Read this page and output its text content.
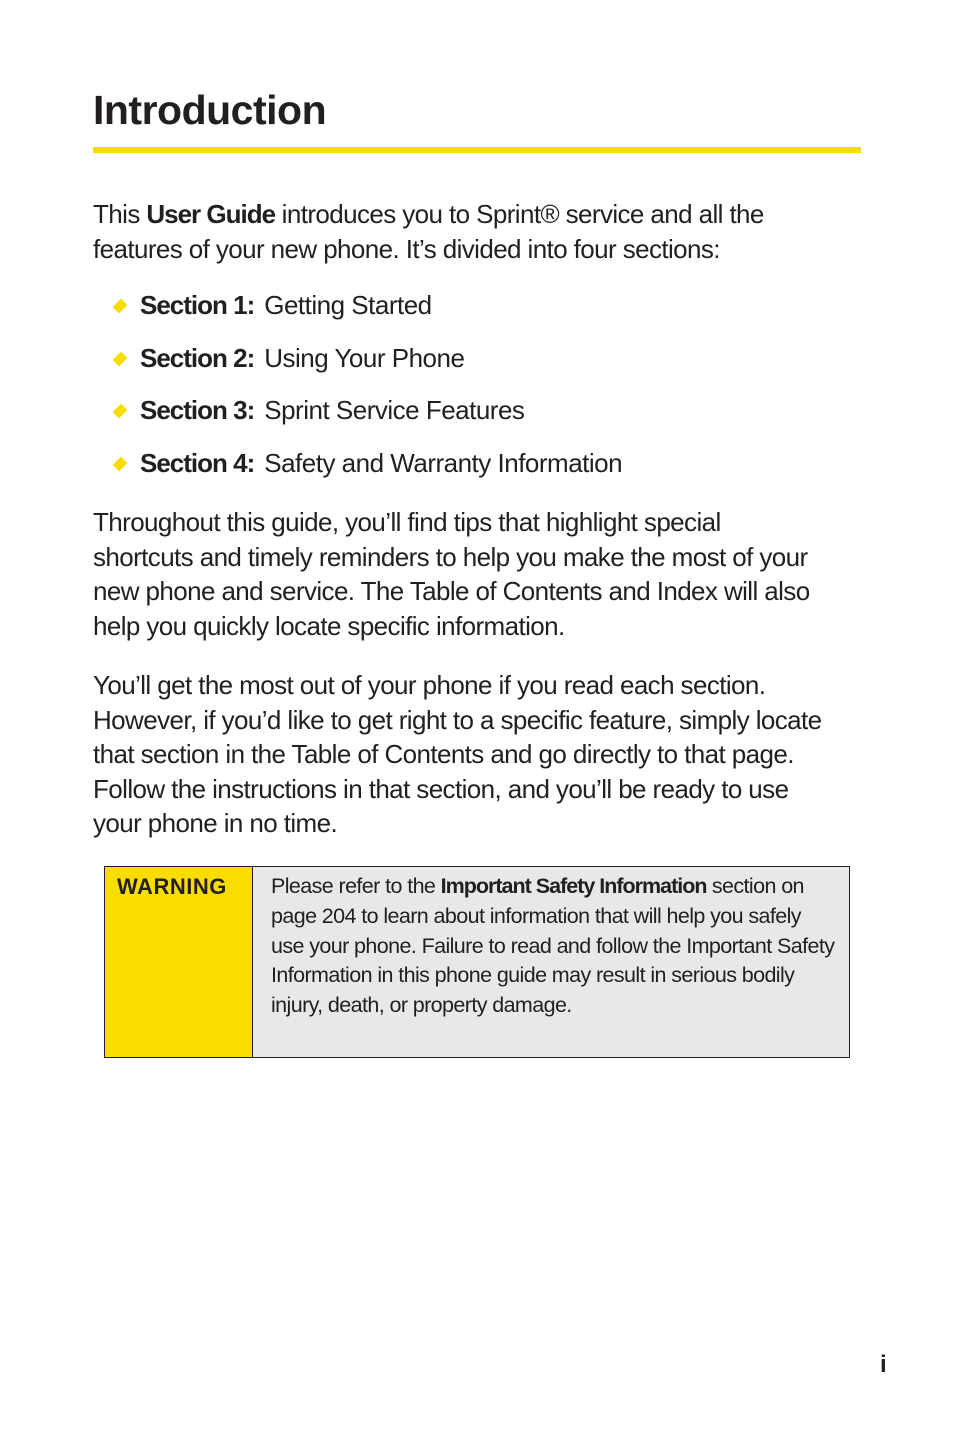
Introduction

This User Guide introduces you to Sprint® service and all the features of your new phone. It’s divided into four sections:

Section 1: Getting Started
Section 2: Using Your Phone
Section 3: Sprint Service Features
Section 4: Safety and Warranty Information

Throughout this guide, you’ll find tips that highlight special shortcuts and timely reminders to help you make the most of your new phone and service. The Table of Contents and Index will also help you quickly locate specific information.

You’ll get the most out of your phone if you read each section. However, if you’d like to get right to a specific feature, simply locate that section in the Table of Contents and go directly to that page. Follow the instructions in that section, and you’ll be ready to use your phone in no time.

WARNING	Please refer to the Important Safety Information section on page 204 to learn about information that will help you safely use your phone. Failure to read and follow the Important Safety Information in this phone guide may result in serious bodily injury, death, or property damage.
i
